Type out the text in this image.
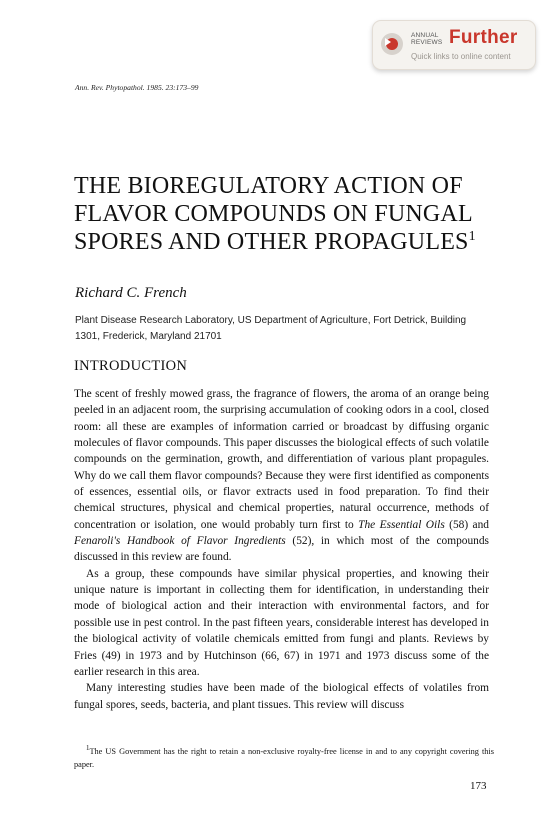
ANNUAL REVIEWS Further
Quick links to online content
Ann. Rev. Phytopathol. 1985. 23:173–99
THE BIOREGULATORY ACTION OF FLAVOR COMPOUNDS ON FUNGAL SPORES AND OTHER PROPAGULES$^1$
Richard C. French
Plant Disease Research Laboratory, US Department of Agriculture, Fort Detrick, Building 1301, Frederick, Maryland 21701
INTRODUCTION

The scent of freshly mowed grass, the fragrance of flowers, the aroma of an orange being peeled in an adjacent room, the surprising accumulation of cooking odors in a cool, closed room: all these are examples of information carried or broadcast by diffusing organic molecules of flavor compounds. This paper discusses the biological effects of such volatile compounds on the germination, growth, and differentiation of various plant propagules. Why do we call them flavor compounds? Because they were first identified as components of essences, essential oils, or flavor extracts used in food preparation. To find their chemical structures, physical and chemical properties, natural occurrence, methods of concentration or isolation, one would probably turn first to The Essential Oils (58) and Fenaroli's Handbook of Flavor Ingredients (52), in which most of the compounds discussed in this review are found.

As a group, these compounds have similar physical properties, and knowing their unique nature is important in collecting them for identification, in understanding their mode of biological action and their interaction with environmental factors, and for possible use in pest control. In the past fifteen years, considerable interest has developed in the biological activity of volatile chemicals emitted from fungi and plants. Reviews by Fries (49) in 1973 and by Hutchinson (66, 67) in 1971 and 1973 discuss some of the earlier research in this area.

Many interesting studies have been made of the biological effects of volatiles from fungal spores, seeds, bacteria, and plant tissues. This review will discuss

$^1$The US Government has the right to retain a non-exclusive royalty-free license in and to any copyright covering this paper.

173
